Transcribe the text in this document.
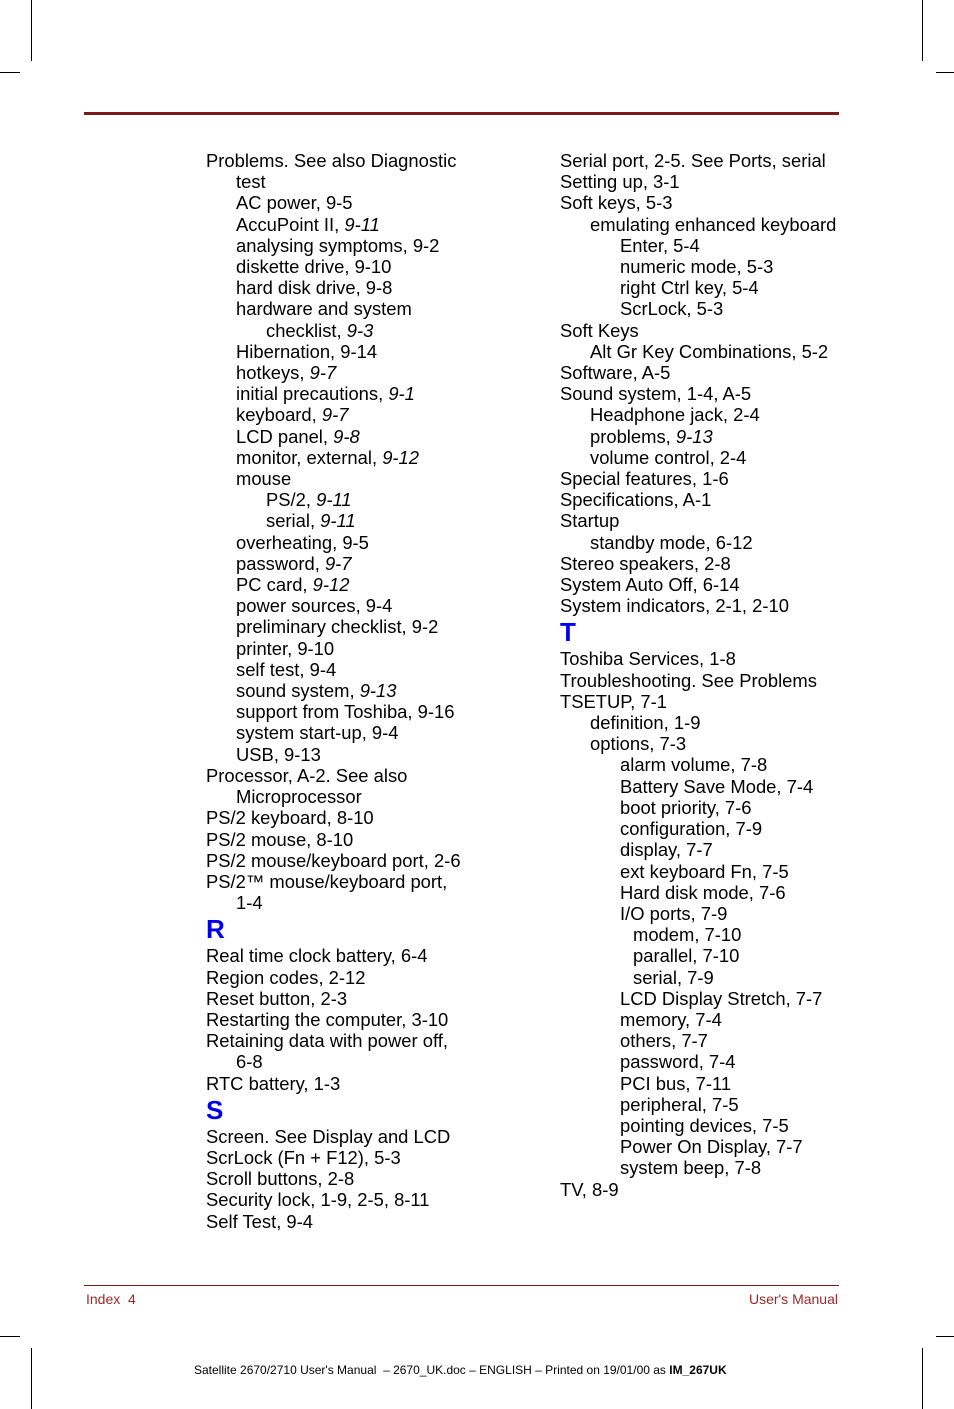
Problems. See also Diagnostic
test
AC power, 9-5
AccuPoint II, 9-11
analysing symptoms, 9-2
diskette drive, 9-10
hard disk drive, 9-8
hardware and system
checklist, 9-3
Hibernation, 9-14
hotkeys, 9-7
initial precautions, 9-1
keyboard, 9-7
LCD panel, 9-8
monitor, external, 9-12
mouse
PS/2, 9-11
serial, 9-11
overheating, 9-5
password, 9-7
PC card, 9-12
power sources, 9-4
preliminary checklist, 9-2
printer, 9-10
self test, 9-4
sound system, 9-13
support from Toshiba, 9-16
system start-up, 9-4
USB, 9-13
Processor, A-2. See also
Microprocessor
PS/2 keyboard, 8-10
PS/2 mouse, 8-10
PS/2 mouse/keyboard port, 2-6
PS/2™ mouse/keyboard port,
1-4
R
Real time clock battery, 6-4
Region codes, 2-12
Reset button, 2-3
Restarting the computer, 3-10
Retaining data with power off,
6-8
RTC battery, 1-3
S
Screen. See Display and LCD
ScrLock (Fn + F12), 5-3
Scroll buttons, 2-8
Security lock, 1-9, 2-5, 8-11
Self Test, 9-4
Serial port, 2-5. See Ports, serial
Setting up, 3-1
Soft keys, 5-3
emulating enhanced keyboard
Enter, 5-4
numeric mode, 5-3
right Ctrl key, 5-4
ScrLock, 5-3
Soft Keys
Alt Gr Key Combinations, 5-2
Software, A-5
Sound system, 1-4, A-5
Headphone jack, 2-4
problems, 9-13
volume control, 2-4
Special features, 1-6
Specifications, A-1
Startup
standby mode, 6-12
Stereo speakers, 2-8
System Auto Off, 6-14
System indicators, 2-1, 2-10
T
Toshiba Services, 1-8
Troubleshooting. See Problems
TSETUP, 7-1
definition, 1-9
options, 7-3
alarm volume, 7-8
Battery Save Mode, 7-4
boot priority, 7-6
configuration, 7-9
display, 7-7
ext keyboard Fn, 7-5
Hard disk mode, 7-6
I/O ports, 7-9
modem, 7-10
parallel, 7-10
serial, 7-9
LCD Display Stretch, 7-7
memory, 7-4
others, 7-7
password, 7-4
PCI bus, 7-11
peripheral, 7-5
pointing devices, 7-5
Power On Display, 7-7
system beep, 7-8
TV, 8-9
Index  4	User's Manual
Satellite 2670/2710 User's Manual  – 2670_UK.doc – ENGLISH – Printed on 19/01/00 as IM_267UK
